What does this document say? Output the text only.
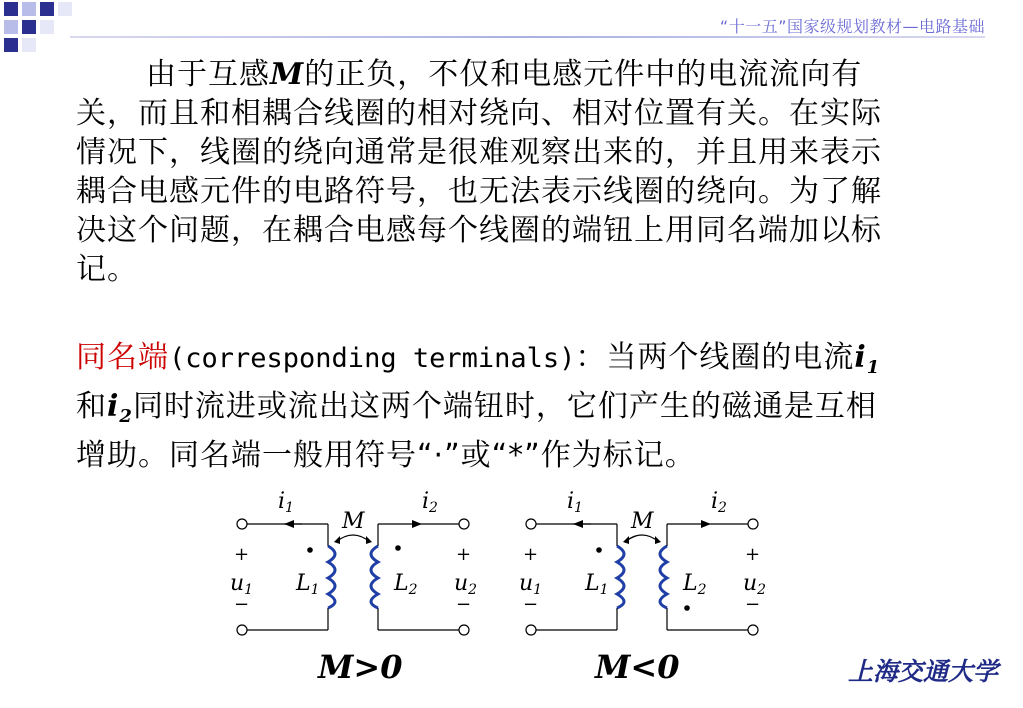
“十一五”国家级规划教材—电路基础
由于互感M的正负，不仅和电感元件中的电流流向有关，而且和相耦合线圈的相对绕向、相对位置有关。在实际情况下，线圈的绕向通常是很难观察出来的，并且用来表示耦合电感元件的电路符号，也无法表示线圈的绕向。为了解决这个问题，在耦合电感每个线圈的端钮上用同名端加以标记。
同名端(corresponding terminals)：当两个线圈的电流$i_1$和$i_2$同时流进或流出这两个端钮时，它们产生的磁通是互相增助。同名端一般用符号“·”或“*”作为标记。
i1	i2
M
+	+
−	−
u1	u2
L1	L2
i1	i2
M
+	+
−	−
u1	u2
L1	L2
M>0	M<0	上海交通大学
